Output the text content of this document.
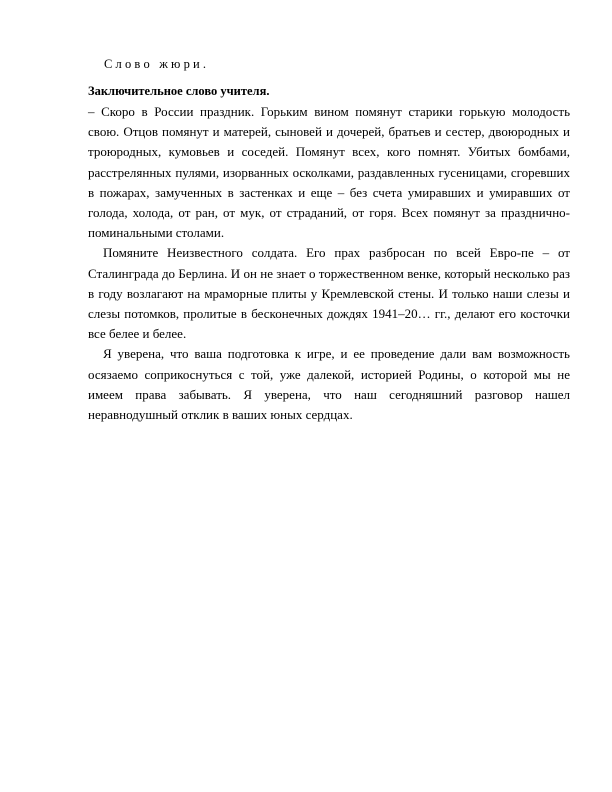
Слово жюри.
Заключительное слово учителя.

– Скоро в России праздник. Горьким вином помянут старики горькую молодость свою. Отцов помянут и матерей, сыновей и дочерей, братьев и сестер, двоюродных и троюродных, кумовьев и соседей. Помянут всех, кого помнят. Убитых бомбами, расстрелянных пулями, изорванных осколками, раздавленных гусеницами, сгоревших в пожарах, замученных в застенках и еще – без счета умиравших и умиравших от голода, холода, от ран, от мук, от страданий, от горя. Всех помянут за празднично-поминальными столами.

Помяните Неизвестного солдата. Его прах разбросан по всей Евро-пе – от Сталинграда до Берлина. И он не знает о торжественном венке, который несколько раз в году возлагают на мраморные плиты у Кремлевской стены. И только наши слезы и слезы потомков, пролитые в бесконечных дождях 1941–20… гг., делают его косточки все белее и белее.

Я уверена, что ваша подготовка к игре, и ее проведение дали вам возможность осязаемо соприкоснуться с той, уже далекой, историей Родины, о которой мы не имеем права забывать. Я уверена, что наш сегодняшний разговор нашел неравнодушный отклик в ваших юных сердцах.
